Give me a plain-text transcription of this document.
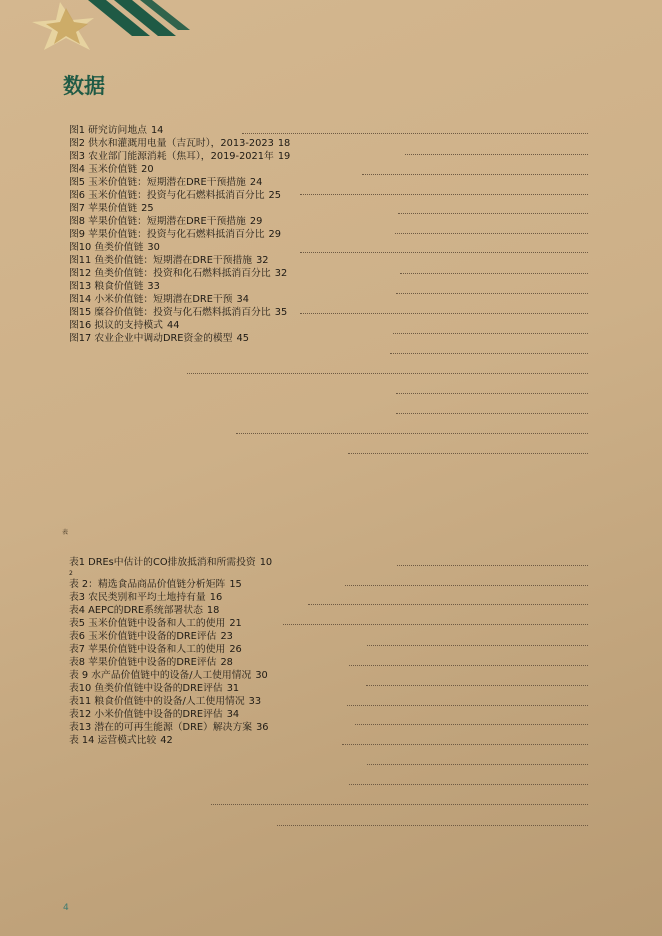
数据
图1 研究访问地点 14
图2 供水和灌溉用电量（吉瓦时），2013-2023 18
图3 农业部门能源消耗（焦耳），2019-2021年 19
图4 玉米价值链 20
图5 玉米价值链：短期潜在DRE干预措施 24
图6 玉米价值链：投资与化石燃料抵消百分比 25
图7 苹果价值链 25
图8 苹果价值链：短期潜在DRE干预措施 29
图9 苹果价值链：投资与化石燃料抵消百分比 29
图10 鱼类价值链 30
图11 鱼类价值链：短期潜在DRE干预措施 32
图12 鱼类价值链：投资和化石燃料抵消百分比 32
图13 粮食价值链 33
图14 小米价值链：短期潜在DRE干预 34
图15 糜谷价值链：投资与化石燃料抵消百分比 35
图16 拟议的支持模式 44
图17 农业企业中调动DRE资金的模型 45
表
表1 DREs中估计的CO排放抵消和所需投资 10
2
表 2：精选食品商品价值链分析矩阵 15
表3 农民类别和平均土地持有量 16
表4 AEPC的DRE系统部署状态 18
表5 玉米价值链中设备和人工的使用 21
表6 玉米价值链中设备的DRE评估 23
表7 苹果价值链中设备和人工的使用 26
表8 苹果价值链中设备的DRE评估 28
表 9 水产品价值链中的设备/人工使用情况 30
表10 鱼类价值链中设备的DRE评估 31
表11 粮食价值链中的设备/人工使用情况 33
表12 小米价值链中设备的DRE评估 34
表13 潜在的可再生能源（DRE）解决方案 36
表 14 运营模式比较 42
4
